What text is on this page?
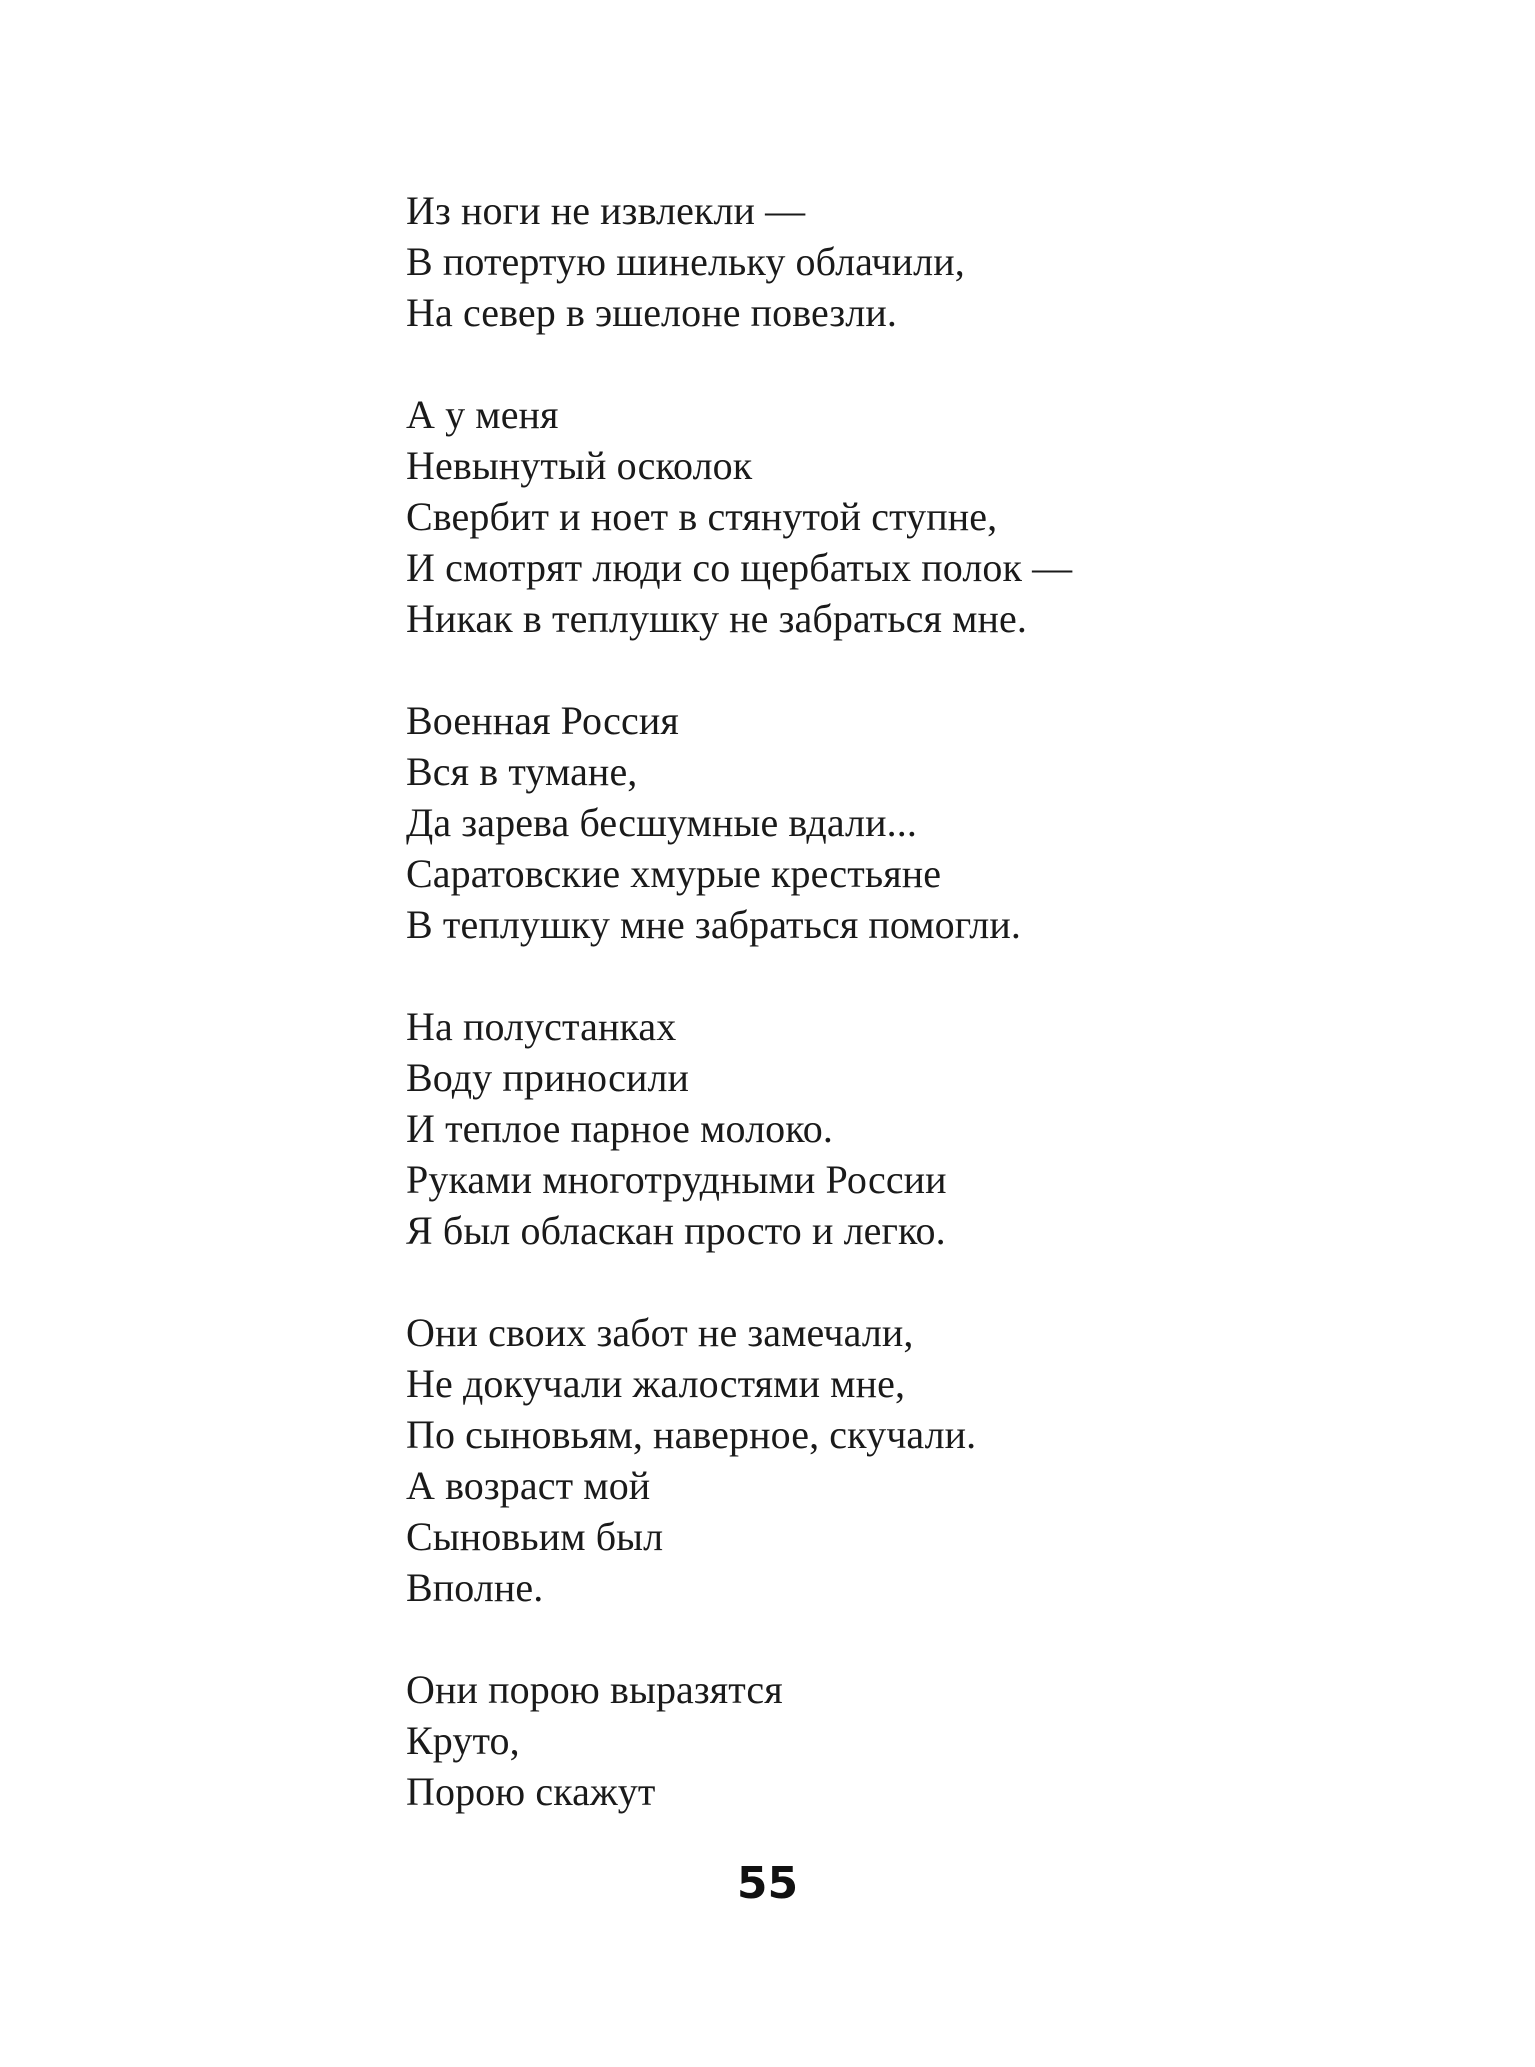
Из ноги не извлекли —
В потертую шинельку облачили,
На север в эшелоне повезли.
А у меня
Невынутый осколок
Свербит и ноет в стянутой ступне,
И смотрят люди со щербатых полок —
Никак в теплушку не забраться мне.
Военная Россия
Вся в тумане,
Да зарева бесшумные вдали...
Саратовские хмурые крестьяне
В теплушку мне забраться помогли.
На полустанках
Воду приносили
И теплое парное молоко.
Руками многотрудными России
Я был обласкан просто и легко.
Они своих забот не замечали,
Не докучали жалостями мне,
По сыновьям, наверное, скучали.
А возраст мой
Сыновьим был
Вполне.
Они порою выразятся
Круто,
Порою скажут
55
